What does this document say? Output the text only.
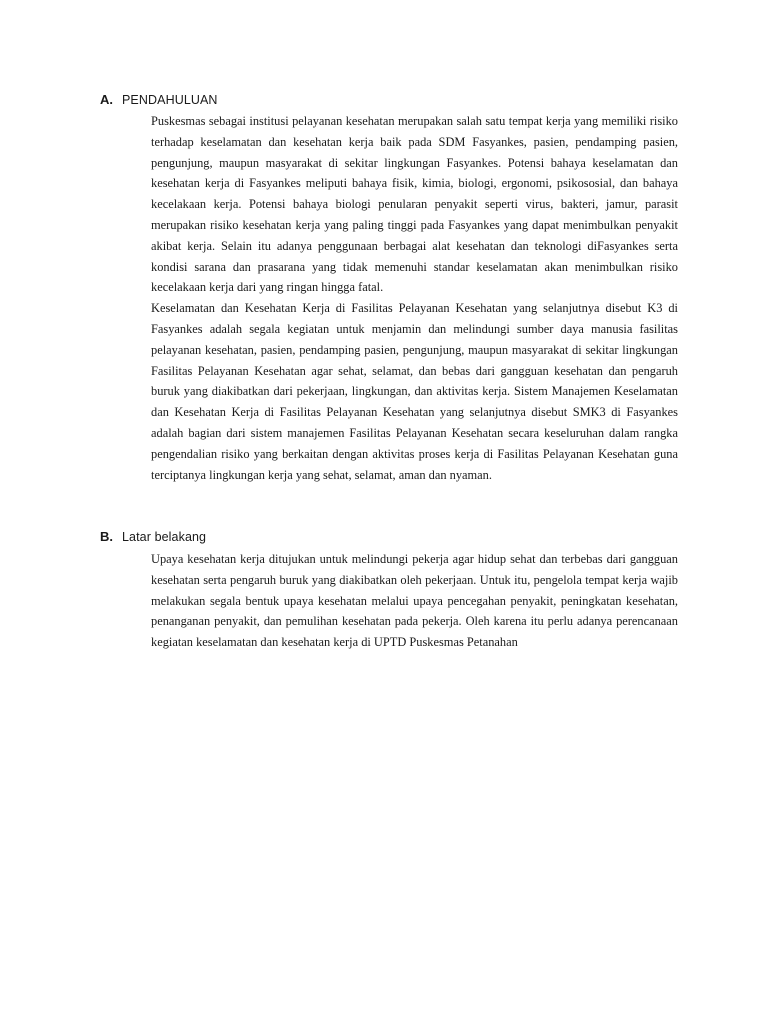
A. PENDAHULUAN

Puskesmas sebagai institusi pelayanan kesehatan merupakan salah satu tempat kerja yang memiliki risiko terhadap keselamatan dan kesehatan kerja baik pada SDM Fasyankes, pasien, pendamping pasien, pengunjung, maupun masyarakat di sekitar lingkungan Fasyankes. Potensi bahaya keselamatan dan kesehatan kerja di Fasyankes meliputi bahaya fisik, kimia, biologi, ergonomi, psikososial, dan bahaya kecelakaan kerja. Potensi bahaya biologi penularan penyakit seperti virus, bakteri, jamur, parasit merupakan risiko kesehatan kerja yang paling tinggi pada Fasyankes yang dapat menimbulkan penyakit akibat kerja. Selain itu adanya penggunaan berbagai alat kesehatan dan teknologi diFasyankes serta kondisi sarana dan prasarana yang tidak memenuhi standar keselamatan akan menimbulkan risiko kecelakaan kerja dari yang ringan hingga fatal.

Keselamatan dan Kesehatan Kerja di Fasilitas Pelayanan Kesehatan yang selanjutnya disebut K3 di Fasyankes adalah segala kegiatan untuk menjamin dan melindungi sumber daya manusia fasilitas pelayanan kesehatan, pasien, pendamping pasien, pengunjung, maupun masyarakat di sekitar lingkungan Fasilitas Pelayanan Kesehatan agar sehat, selamat, dan bebas dari gangguan kesehatan dan pengaruh buruk yang diakibatkan dari pekerjaan, lingkungan, dan aktivitas kerja. Sistem Manajemen Keselamatan dan Kesehatan Kerja di Fasilitas Pelayanan Kesehatan yang selanjutnya disebut SMK3 di Fasyankes adalah bagian dari sistem manajemen Fasilitas Pelayanan Kesehatan secara keseluruhan dalam rangka pengendalian risiko yang berkaitan dengan aktivitas proses kerja di Fasilitas Pelayanan Kesehatan guna terciptanya lingkungan kerja yang sehat, selamat, aman dan nyaman.

B. Latar belakang

Upaya kesehatan kerja ditujukan untuk melindungi pekerja agar hidup sehat dan terbebas dari gangguan kesehatan serta pengaruh buruk yang diakibatkan oleh pekerjaan. Untuk itu, pengelola tempat kerja wajib melakukan segala bentuk upaya kesehatan melalui upaya pencegahan penyakit, peningkatan kesehatan, penanganan penyakit, dan pemulihan kesehatan pada pekerja. Oleh karena itu perlu adanya perencanaan kegiatan keselamatan dan kesehatan kerja di UPTD Puskesmas Petanahan
